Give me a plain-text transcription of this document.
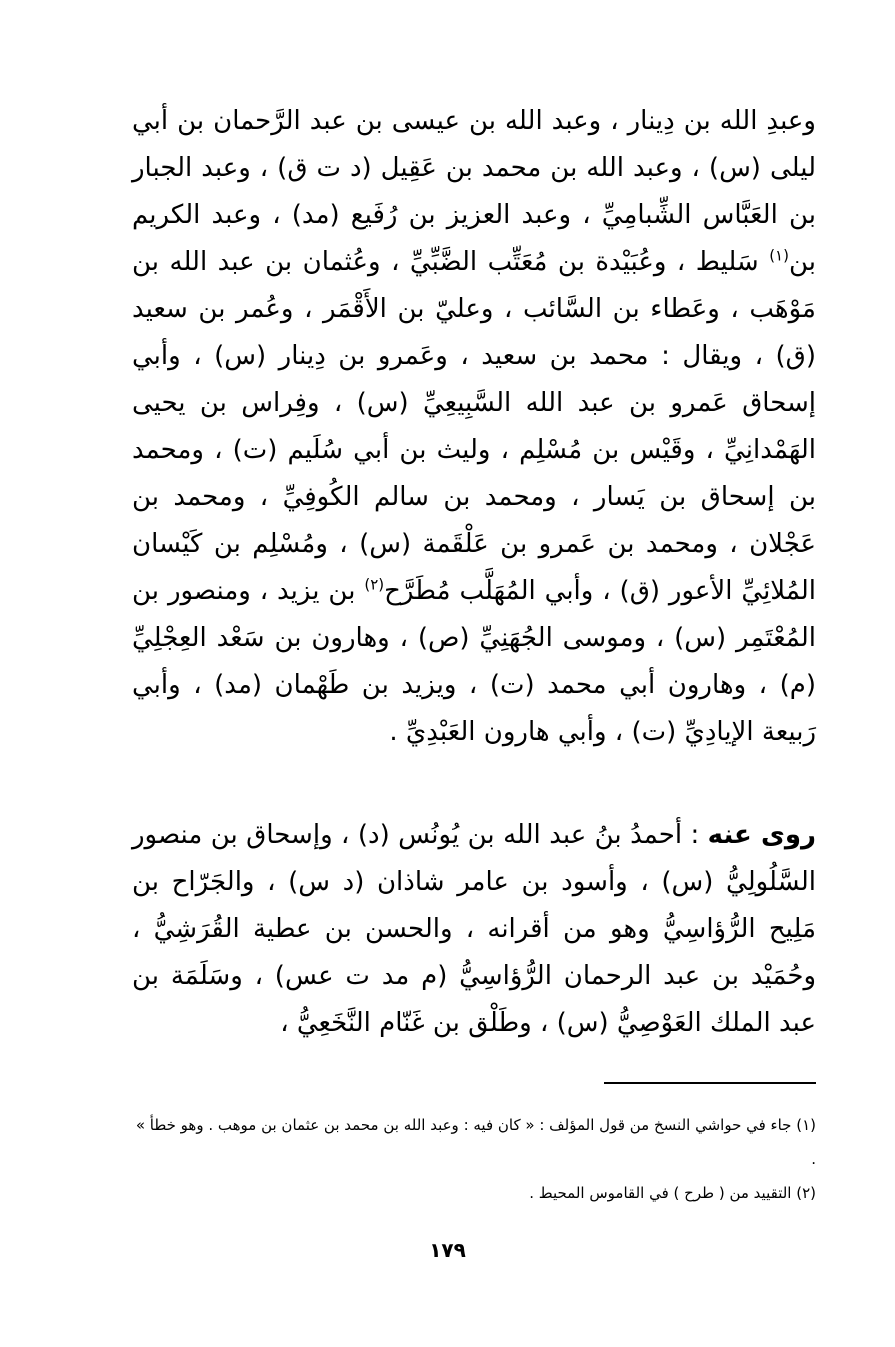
وعبدِ الله بن دِينار ، وعبد الله بن عيسى بن عبد الرَّحمان بن أبي ليلى (س) ، وعبد الله بن محمد بن عَقِيل (د ت ق) ، وعبد الجبار بن العَبَّاس الشِّبامِيِّ ، وعبد العزيز بن رُفَيع (مد) ، وعبد الكريم بن$^{(١)}$ سَليط ، وعُبَيْدة بن مُعَتِّب الضَّبِّيِّ ، وعُثمان بن عبد الله بن مَوْهَب ، وعَطاء بن السَّائب ، وعليّ بن الأَقْمَر ، وعُمر بن سعيد (ق) ، ويقال : محمد بن سعيد ، وعَمرو بن دِينار (س) ، وأبي إسحاق عَمرو بن عبد الله السَّبِيعِيِّ (س) ، وفِراس بن يحيى الهَمْدانِيِّ ، وقَيْس بن مُسْلِم ، وليث بن أبي سُلَيم (ت) ، ومحمد بن إسحاق بن يَسار ، ومحمد بن سالم الكُوفِيِّ ، ومحمد بن عَجْلان ، ومحمد بن عَمرو بن عَلْقَمة (س) ، ومُسْلِم بن كَيْسان المُلائِيِّ الأعور (ق) ، وأبي المُهَلَّب مُطَرَّح$^{(٢)}$ بن يزيد ، ومنصور بن المُعْتَمِر (س) ، وموسى الجُهَنِيِّ (ص) ، وهارون بن سَعْد العِجْلِيِّ (م) ، وهارون أبي محمد (ت) ، ويزيد بن طَهْمان (مد) ، وأبي رَبيعة الإيادِيِّ (ت) ، وأبي هارون العَبْدِيِّ .

روى عنه : أحمدُ بنُ عبد الله بن يُونُس (د) ، وإسحاق بن منصور السَّلُولِيُّ (س) ، وأسود بن عامر شاذان (د س) ، والجَرّاح بن مَلِيح الرُّؤاسِيُّ وهو من أقرانه ، والحسن بن عطية القُرَشِيُّ ، وحُمَيْد بن عبد الرحمان الرُّؤاسِيُّ (م مد ت عس) ، وسَلَمَة بن عبد الملك العَوْصِيُّ (س) ، وطَلْق بن غَنّام النَّخَعِيُّ ،

(١) جاء في حواشي النسخ من قول المؤلف : « كان فيه : وعبد الله بن محمد بن عثمان بن موهب . وهو خطأ » .

(٢) التقييد من ( طرح ) في القاموس المحيط .

١٧٩
